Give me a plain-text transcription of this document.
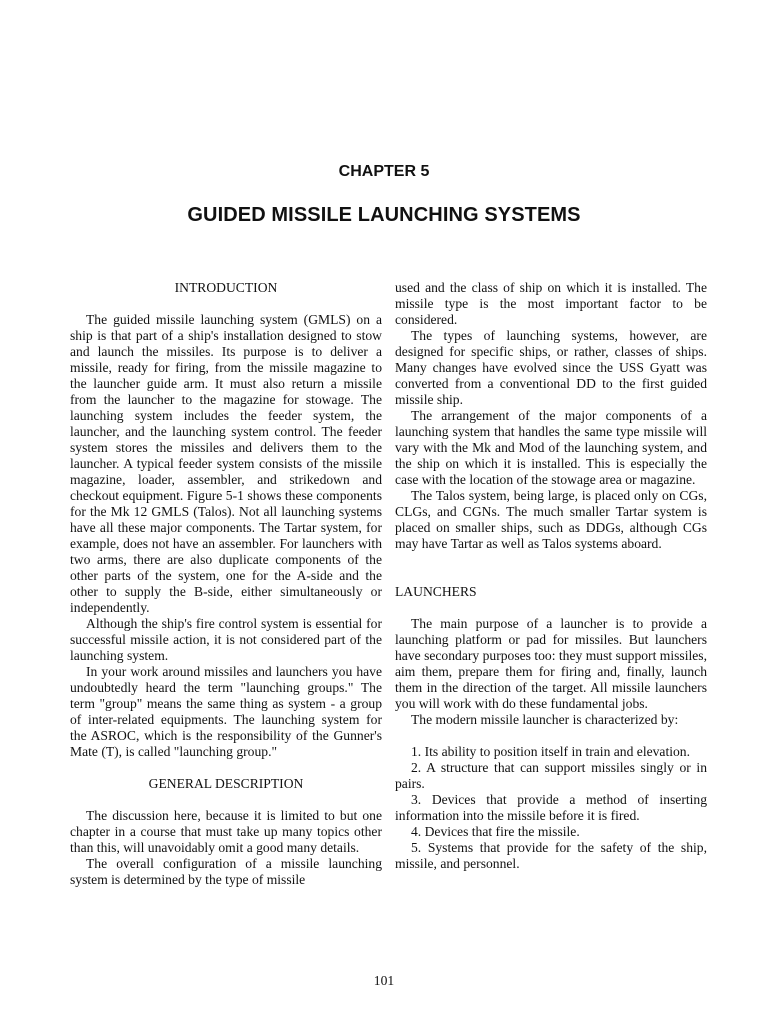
CHAPTER 5
GUIDED MISSILE LAUNCHING SYSTEMS
INTRODUCTION

The guided missile launching system (GMLS) on a ship is that part of a ship's installation designed to stow and launch the missiles. Its purpose is to deliver a missile, ready for firing, from the missile magazine to the launcher guide arm. It must also return a missile from the launcher to the magazine for stowage. The launching system includes the feeder system, the launcher, and the launching system control. The feeder system stores the missiles and delivers them to the launcher. A typical feeder system consists of the missile magazine, loader, assembler, and strikedown and checkout equipment. Figure 5-1 shows these components for the Mk 12 GMLS (Talos). Not all launching systems have all these major components. The Tartar system, for example, does not have an assembler. For launchers with two arms, there are also duplicate components of the other parts of the system, one for the A-side and the other to supply the B-side, either simultaneously or independently.

Although the ship's fire control system is essential for successful missile action, it is not considered part of the launching system.

In your work around missiles and launchers you have undoubtedly heard the term "launching groups." The term "group" means the same thing as system - a group of inter-related equipments. The launching system for the ASROC, which is the responsibility of the Gunner's Mate (T), is called "launching group."

GENERAL DESCRIPTION

The discussion here, because it is limited to but one chapter in a course that must take up many topics other than this, will unavoidably omit a good many details.

The overall configuration of a missile launching system is determined by the type of missile

used and the class of ship on which it is installed. The missile type is the most important factor to be considered.

The types of launching systems, however, are designed for specific ships, or rather, classes of ships. Many changes have evolved since the USS Gyatt was converted from a conventional DD to the first guided missile ship.

The arrangement of the major components of a launching system that handles the same type missile will vary with the Mk and Mod of the launching system, and the ship on which it is installed. This is especially the case with the location of the stowage area or magazine.

The Talos system, being large, is placed only on CGs, CLGs, and CGNs. The much smaller Tartar system is placed on smaller ships, such as DDGs, although CGs may have Tartar as well as Talos systems aboard.

LAUNCHERS

The main purpose of a launcher is to provide a launching platform or pad for missiles. But launchers have secondary purposes too: they must support missiles, aim them, prepare them for firing and, finally, launch them in the direction of the target. All missile launchers you will work with do these fundamental jobs.

The modern missile launcher is characterized by:

1. Its ability to position itself in train and elevation.

2. A structure that can support missiles singly or in pairs.

3. Devices that provide a method of inserting information into the missile before it is fired.

4. Devices that fire the missile.

5. Systems that provide for the safety of the ship, missile, and personnel.

101
